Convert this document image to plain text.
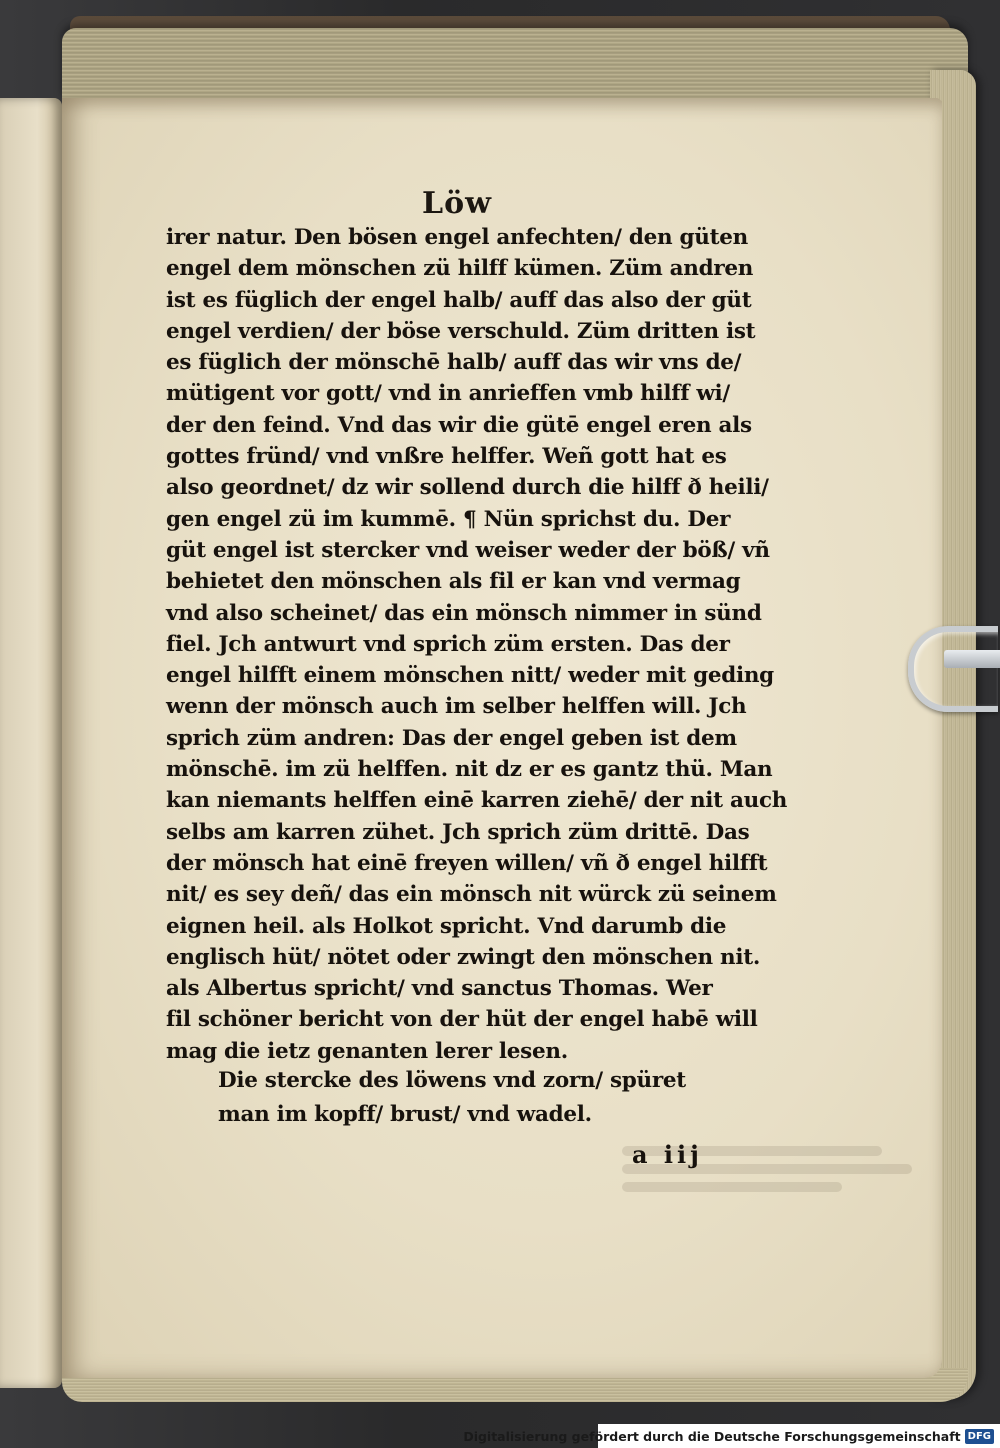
Löw
irer natur. Den bösen engel anfechten/ den güten
engel dem mönschen zü hilff kümen. Züm andren
ist es füglich der engel halb/ auff das also der güt
engel verdien/ der böse verschuld. Züm dritten ist
es füglich der mönschē halb/ auff das wir vns de/
mütigent vor gott/ vnd in anrieffen vmb hilff wi/
der den feind. Vnd das wir die gütē engel eren als
gottes fründ/ vnd vnßre helffer. Weñ gott hat es
also geordnet/ dz wir sollend durch die hilff ð heili/
gen engel zü im kummē. ¶ Nün sprichst du. Der
güt engel ist stercker vnd weiser weder der böß/ vñ
behietet den mönschen als fil er kan vnd vermag
vnd also scheinet/ das ein mönsch nimmer in sünd
fiel. Jch antwurt vnd sprich züm ersten. Das der
engel hilfft einem mönschen nitt/ weder mit geding
wenn der mönsch auch im selber helffen will. Jch
sprich züm andren: Das der engel geben ist dem
mönschē. im zü helffen. nit dz er es gantz thü. Man
kan niemants helffen einē karren ziehē/ der nit auch
selbs am karren zühet. Jch sprich züm drittē. Das
der mönsch hat einē freyen willen/ vñ ð engel hilfft
nit/ es sey deñ/ das ein mönsch nit würck zü seinem
eignen heil. als Holkot spricht. Vnd darumb die
englisch hüt/ nötet oder zwingt den mönschen nit.
als Albertus spricht/ vnd sanctus Thomas. Wer
fil schöner bericht von der hüt der engel habē will
mag die ietz genanten lerer lesen.
Die stercke des löwens vnd zorn/ spüret
man im kopff/ brust/ vnd wadel.
a iij
Digitalisierung gefördert durch die Deutsche Forschungsgemeinschaft DFG
